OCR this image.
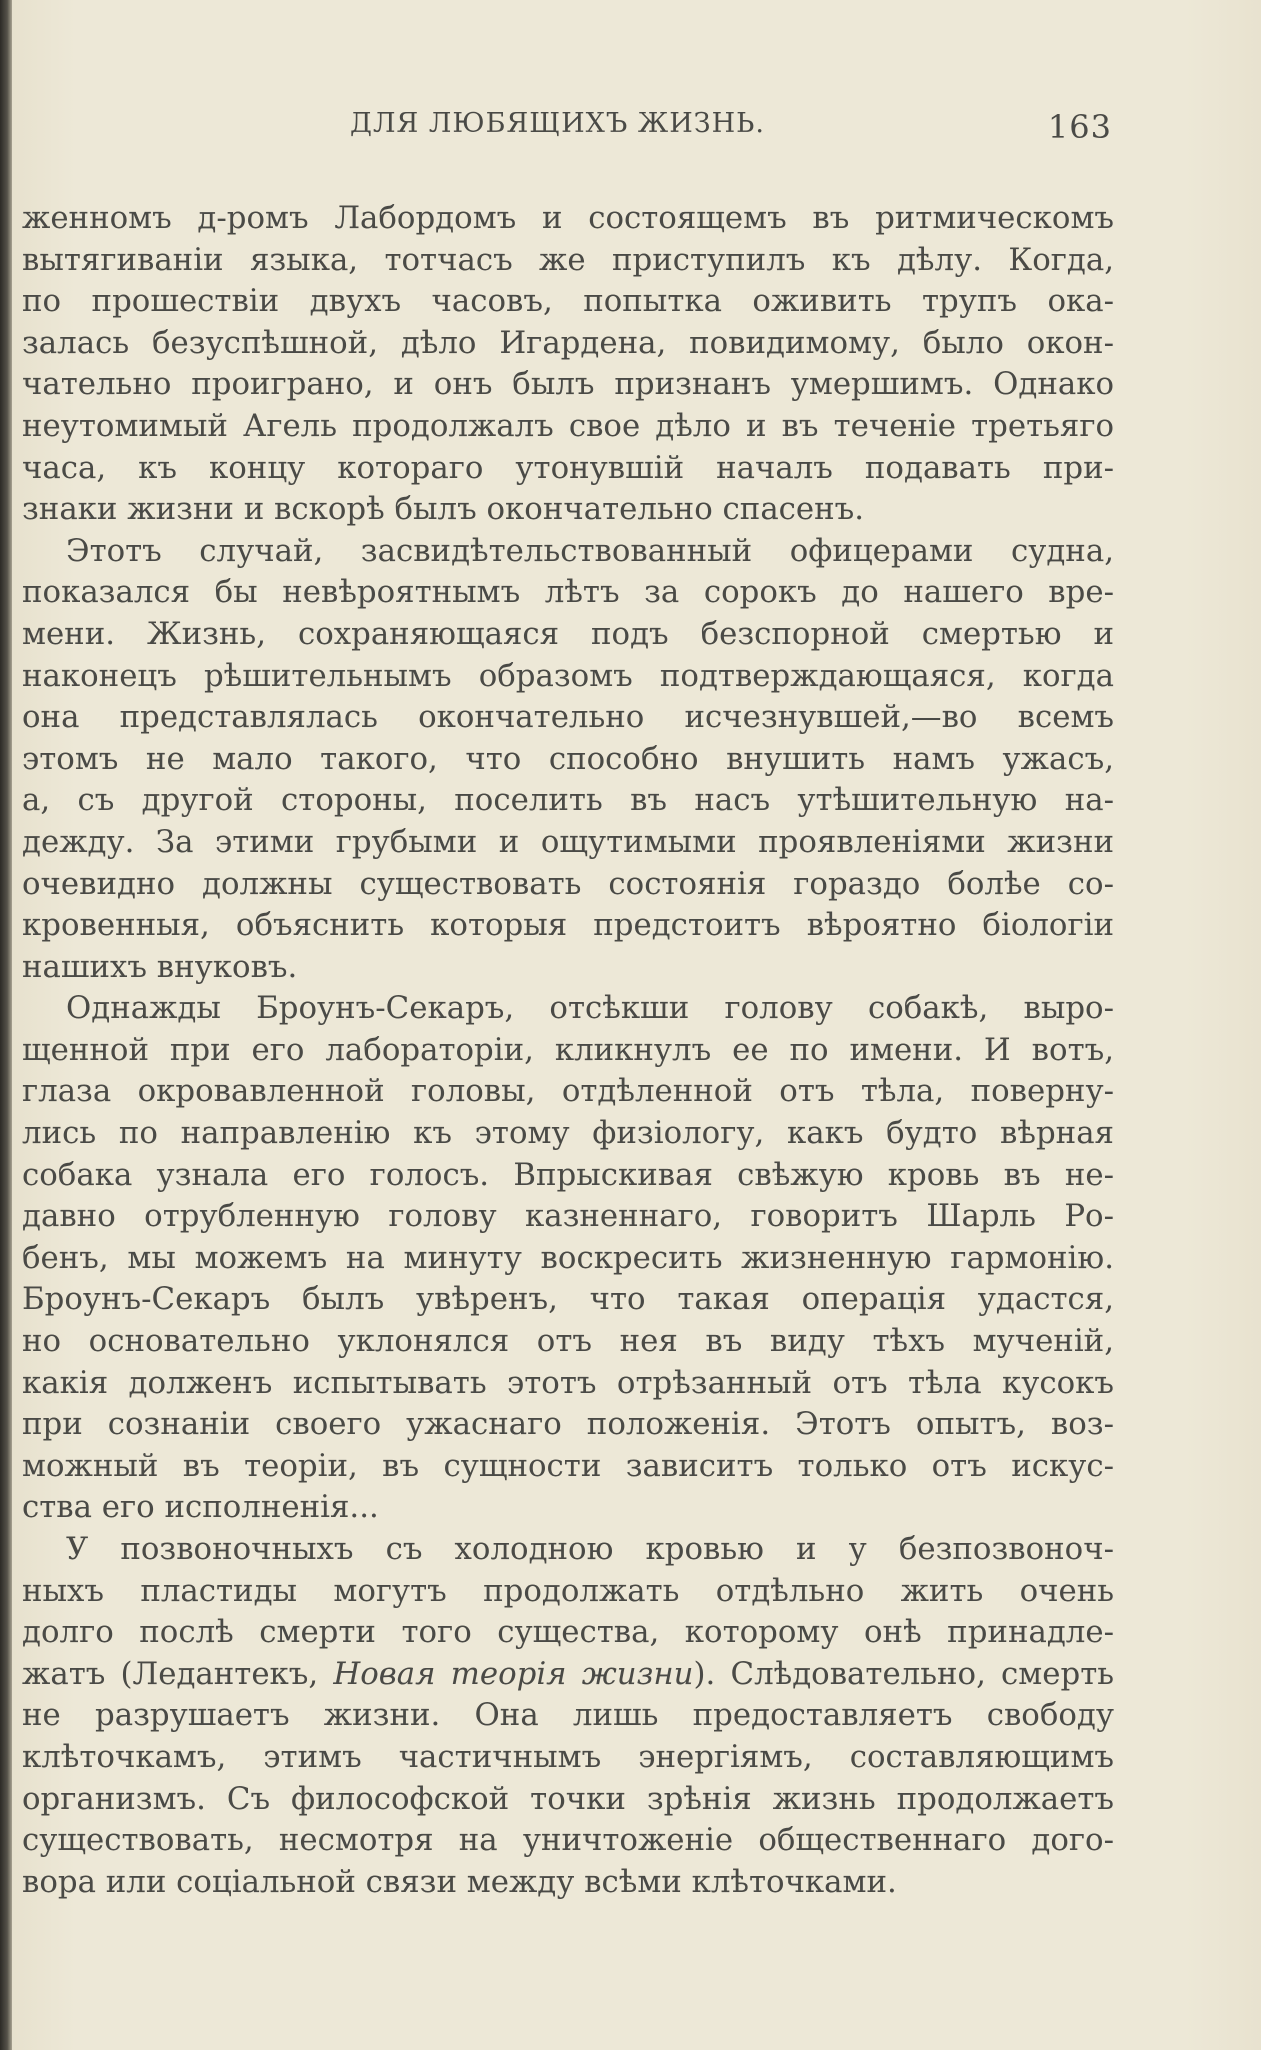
ДЛЯ ЛЮБЯЩИХЪ ЖИЗНЬ.	163
женномъ д-ромъ Лабордомъ и состоящемъ въ ритмическомъ
вытягиваніи языка, тотчасъ же приступилъ къ дѣлу. Когда,
по прошествіи двухъ часовъ, попытка оживить трупъ ока-
залась безуспѣшной, дѣло Игардена, повидимому, было окон-
чательно проиграно, и онъ былъ признанъ умершимъ. Однако
неутомимый Агель продолжалъ свое дѣло и въ теченіе третьяго
часа, къ концу котораго утонувшій началъ подавать при-
знаки жизни и вскорѣ былъ окончательно спасенъ.
Этотъ случай, засвидѣтельствованный офицерами судна,
показался бы невѣроятнымъ лѣтъ за сорокъ до нашего вре-
мени. Жизнь, сохраняющаяся подъ безспорной смертью и
наконецъ рѣшительнымъ образомъ подтверждающаяся, когда
она представлялась окончательно исчезнувшей,—во всемъ
этомъ не мало такого, что способно внушить намъ ужасъ,
а, съ другой стороны, поселить въ насъ утѣшительную на-
дежду. За этими грубыми и ощутимыми проявленіями жизни
очевидно должны существовать состоянія гораздо болѣе со-
кровенныя, объяснить которыя предстоитъ вѣроятно біологіи
нашихъ внуковъ.
Однажды Броунъ-Секаръ, отсѣкши голову собакѣ, выро-
щенной при его лабораторіи, кликнулъ ее по имени. И вотъ,
глаза окровавленной головы, отдѣленной отъ тѣла, поверну-
лись по направленію къ этому физіологу, какъ будто вѣрная
собака узнала его голосъ. Впрыскивая свѣжую кровь въ не-
давно отрубленную голову казненнаго, говоритъ Шарль Ро-
бенъ, мы можемъ на минуту воскресить жизненную гармонію.
Броунъ-Секаръ былъ увѣренъ, что такая операція удастся,
но основательно уклонялся отъ нея въ виду тѣхъ мученій,
какія долженъ испытывать этотъ отрѣзанный отъ тѣла кусокъ
при сознаніи своего ужаснаго положенія. Этотъ опытъ, воз-
можный въ теоріи, въ сущности зависитъ только отъ искус-
ства его исполненія...
У позвоночныхъ съ холодною кровью и у безпозвоноч-
ныхъ пластиды могутъ продолжать отдѣльно жить очень
долго послѣ смерти того существа, которому онѣ принадле-
жатъ (Ледантекъ, Новая теорія жизни). Слѣдовательно, смерть
не разрушаетъ жизни. Она лишь предоставляетъ свободу
клѣточкамъ, этимъ частичнымъ энергіямъ, составляющимъ
организмъ. Съ философской точки зрѣнія жизнь продолжаетъ
существовать, несмотря на уничтоженіе общественнаго дого-
вора или соціальной связи между всѣми клѣточками.
